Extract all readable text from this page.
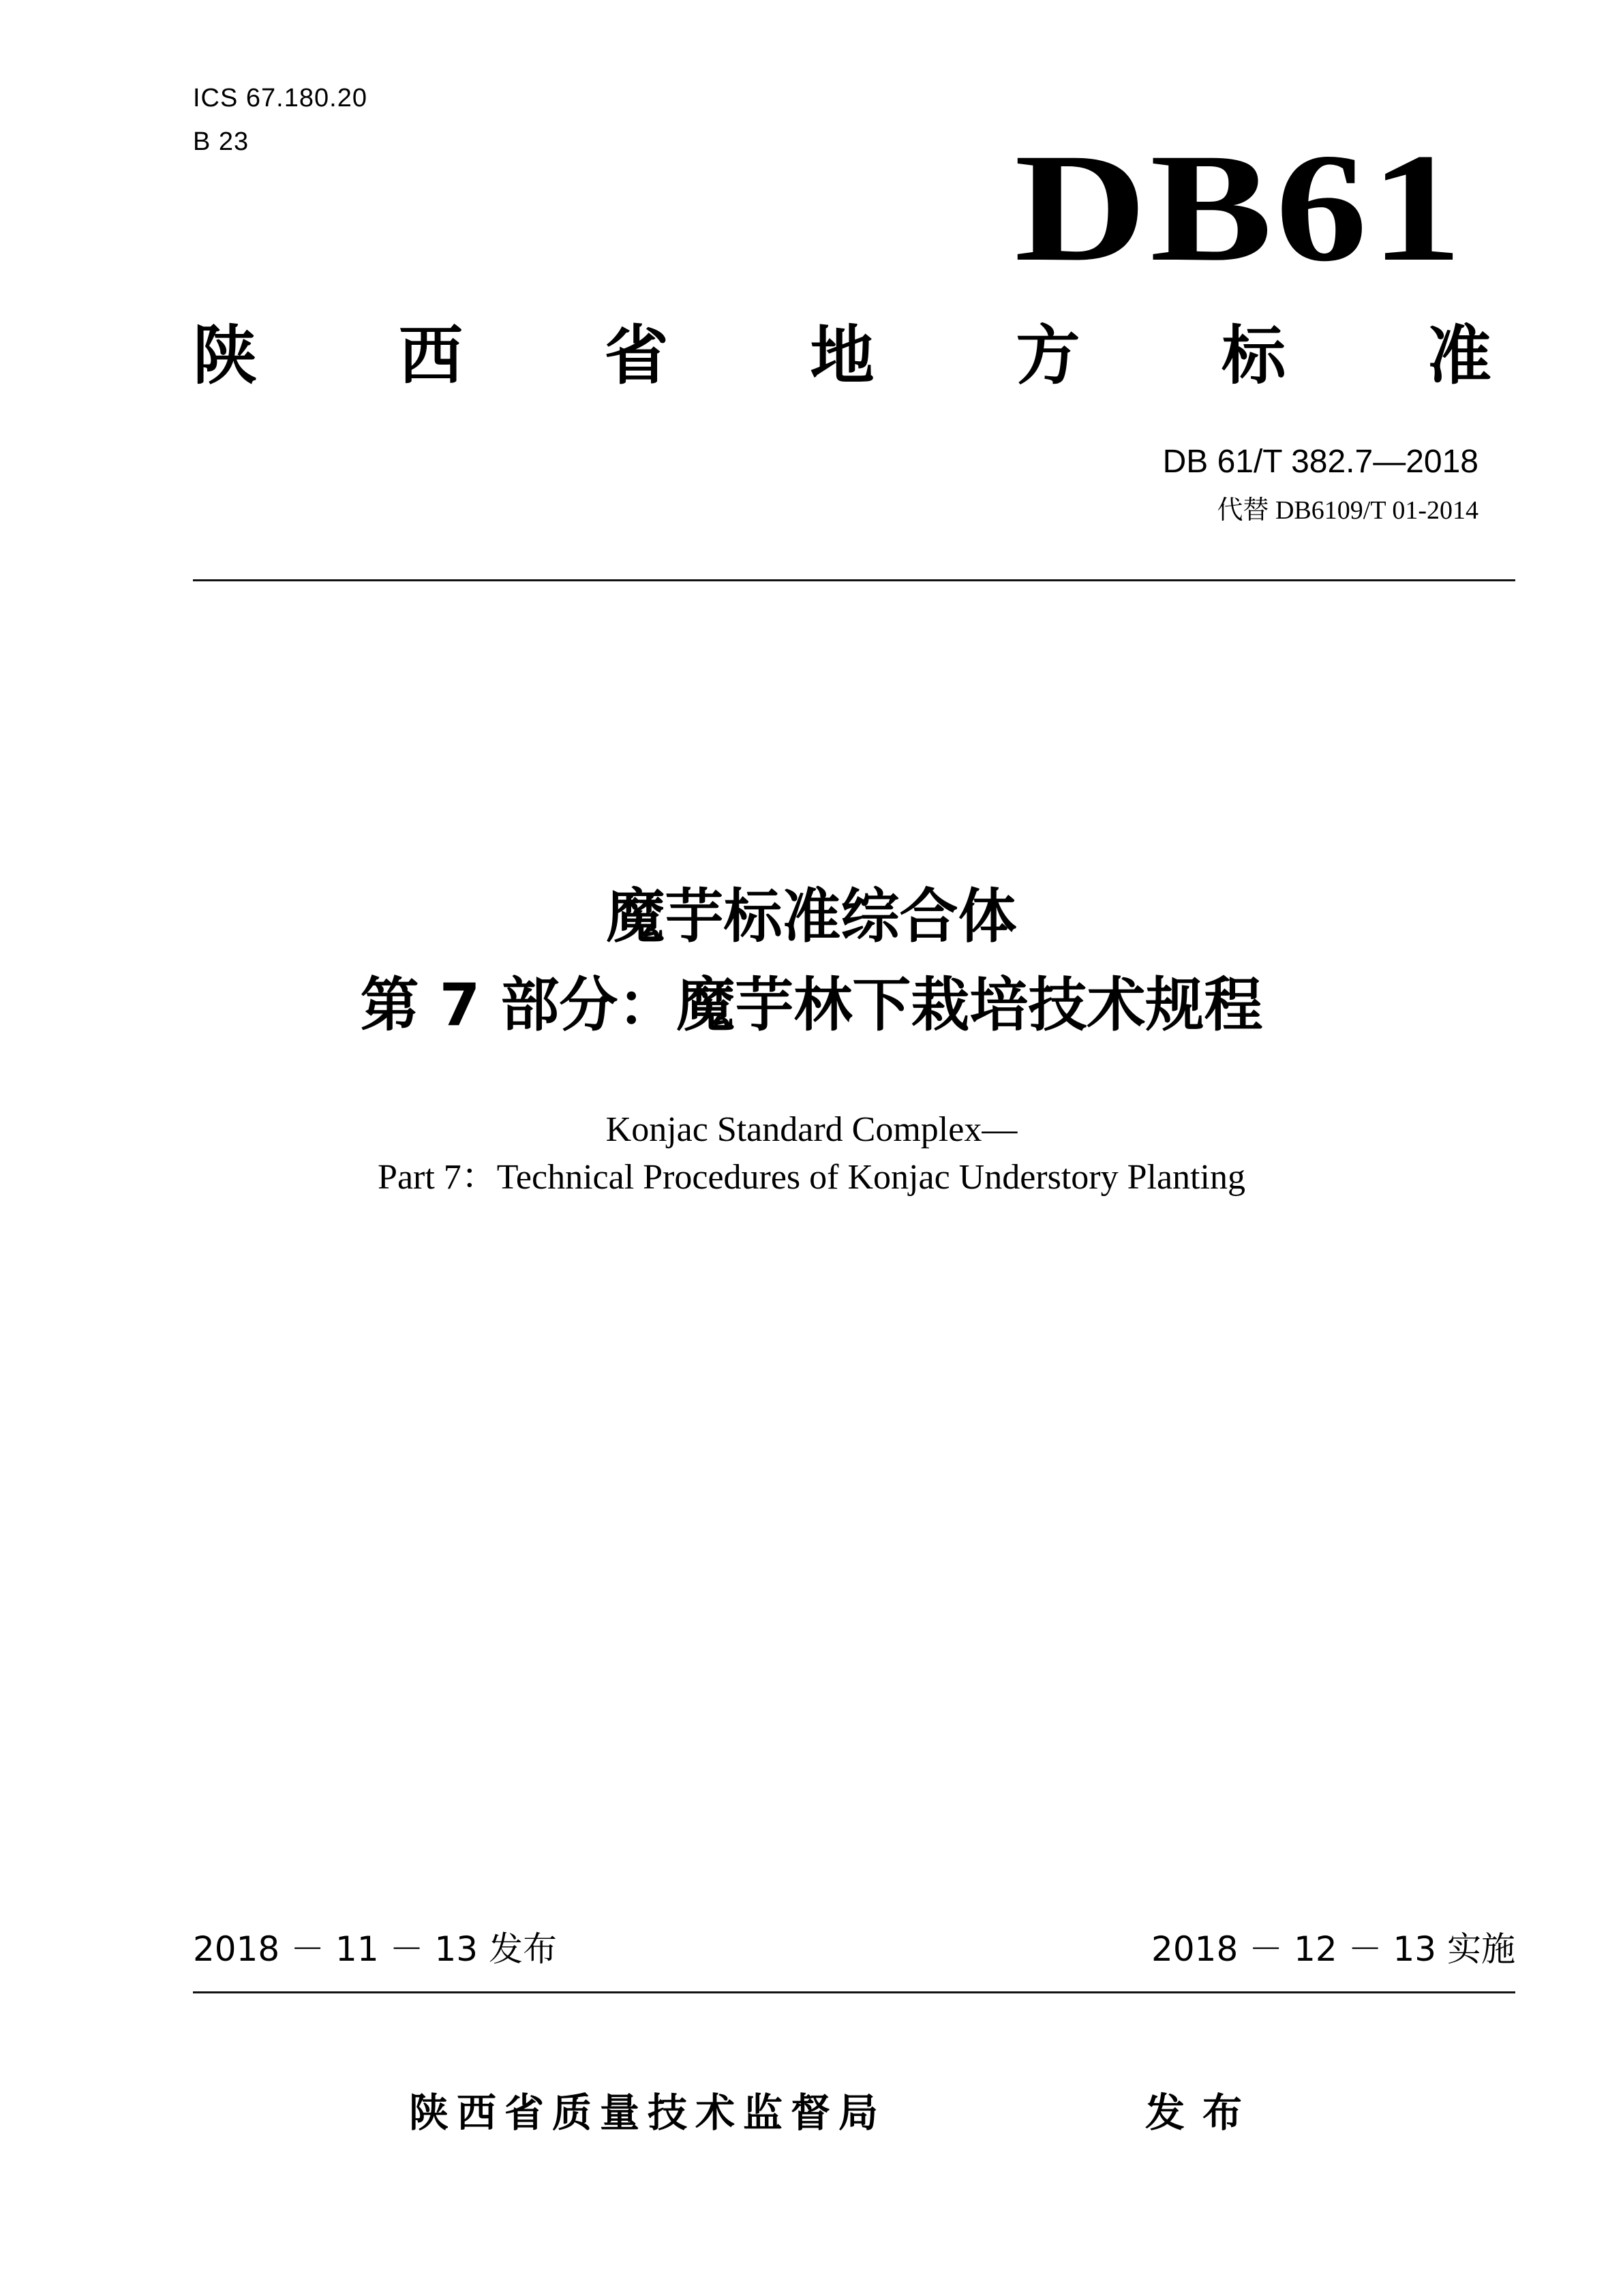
ICS 67.180.20
B 23	DB61
陕 西 省 地 方 标 准
DB 61/T 382.7—2018
代替 DB6109/T 01-2014
魔芋标准综合体
第 7 部分：魔芋林下栽培技术规程
Konjac Standard Complex—
Part 7：Technical Procedures of Konjac Understory Planting
2018 － 11 － 13 发布	2018 － 12 － 13 实施
陕西省质量技术监督局	发布
